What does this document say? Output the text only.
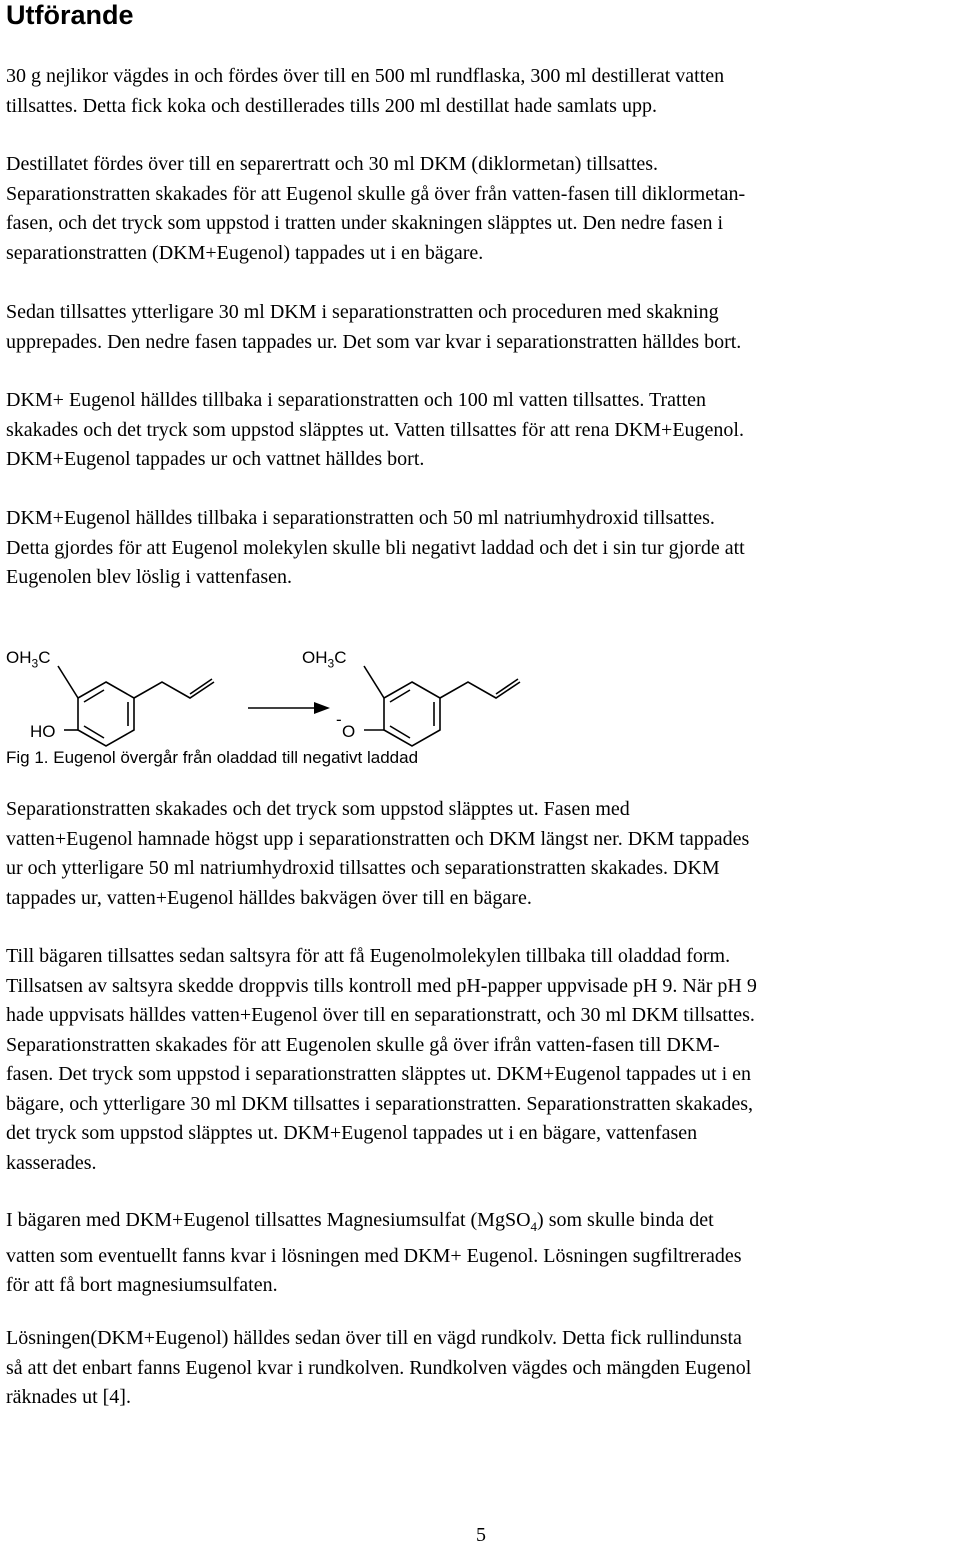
Utförande

30 g nejlikor vägdes in och fördes över till en 500 ml rundflaska, 300 ml destillerat vatten
tillsattes. Detta fick koka och destillerades tills 200 ml destillat hade samlats upp.

Destillatet fördes över till en separertratt och 30 ml DKM (diklormetan) tillsattes.
Separationstratten skakades för att Eugenol skulle gå över från vatten-fasen till diklormetan-
fasen, och det tryck som uppstod i tratten under skakningen släpptes ut. Den nedre fasen i
separationstratten (DKM+Eugenol) tappades ut i en bägare.

Sedan tillsattes ytterligare 30 ml DKM i separationstratten och proceduren med skakning
upprepades. Den nedre fasen tappades ur. Det som var kvar i separationstratten hälldes bort.

DKM+ Eugenol hälldes tillbaka i separationstratten och 100 ml vatten tillsattes. Tratten
skakades och det tryck som uppstod släpptes ut. Vatten tillsattes för att rena DKM+Eugenol.
DKM+Eugenol tappades ur och vattnet hälldes bort.

DKM+Eugenol hälldes tillbaka i separationstratten och 50 ml natriumhydroxid tillsattes.
Detta gjordes för att Eugenol molekylen skulle bli negativt laddad och det i sin tur gjorde att
Eugenolen blev löslig i vattenfasen.

$OH_3C$
HO
$OH_3C$
-
O

Fig 1. Eugenol övergår från oladdad till negativt laddad

Separationstratten skakades och det tryck som uppstod släpptes ut. Fasen med
vatten+Eugenol hamnade högst upp i separationstratten och DKM längst ner. DKM tappades
ur och ytterligare 50 ml natriumhydroxid tillsattes och separationstratten skakades. DKM
tappades ur, vatten+Eugenol hälldes bakvägen över till en bägare.

Till bägaren tillsattes sedan saltsyra för att få Eugenolmolekylen tillbaka till oladdad form.
Tillsatsen av saltsyra skedde droppvis tills kontroll med pH-papper uppvisade pH 9. När pH 9
hade uppvisats hälldes vatten+Eugenol över till en separationstratt, och 30 ml DKM tillsattes.
Separationstratten skakades för att Eugenolen skulle gå över ifrån vatten-fasen till DKM-
fasen. Det tryck som uppstod i separationstratten släpptes ut. DKM+Eugenol tappades ut i en
bägare, och ytterligare 30 ml DKM tillsattes i separationstratten. Separationstratten skakades,
det tryck som uppstod släpptes ut. DKM+Eugenol tappades ut i en bägare, vattenfasen
kasserades.

I bägaren med DKM+Eugenol tillsattes Magnesiumsulfat (MgSO$_4$) som skulle binda det
vatten som eventuellt fanns kvar i lösningen med DKM+ Eugenol. Lösningen sugfiltrerades
för att få bort magnesiumsulfaten.

Lösningen(DKM+Eugenol) hälldes sedan över till en vägd rundkolv. Detta fick rullindunsta
så att det enbart fanns Eugenol kvar i rundkolven. Rundkolven vägdes och mängden Eugenol
räknades ut [4].

5
